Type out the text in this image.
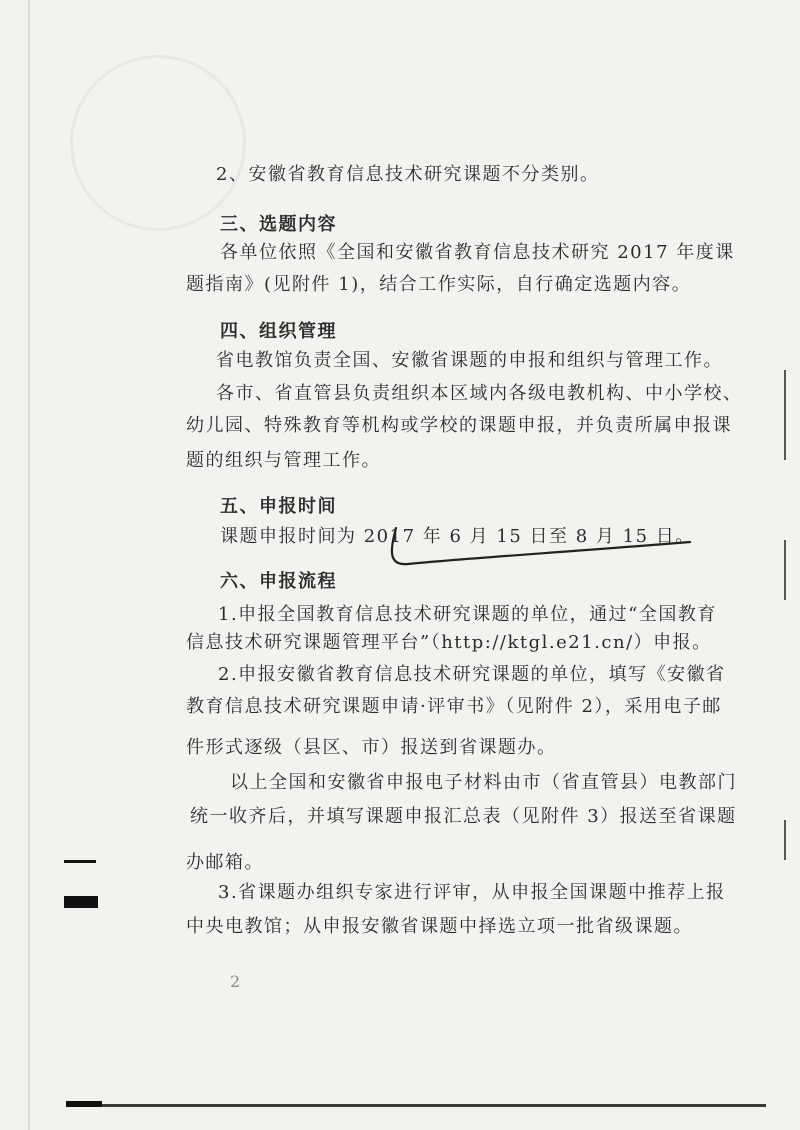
2、安徽省教育信息技术研究课题不分类别。
三、选题内容
各单位依照《全国和安徽省教育信息技术研究 2017 年度课
题指南》(见附件 1)，结合工作实际，自行确定选题内容。
四、组织管理
省电教馆负责全国、安徽省课题的申报和组织与管理工作。
各市、省直管县负责组织本区域内各级电教机构、中小学校、
幼儿园、特殊教育等机构或学校的课题申报，并负责所属申报课
题的组织与管理工作。
五、申报时间
课题申报时间为 2017 年 6 月 15 日至 8 月 15 日。
六、申报流程
1.申报全国教育信息技术研究课题的单位，通过“全国教育
信息技术研究课题管理平台”（http://ktgl.e21.cn/）申报。
2.申报安徽省教育信息技术研究课题的单位，填写《安徽省
教育信息技术研究课题申请·评审书》（见附件 2），采用电子邮
件形式逐级（县区、市）报送到省课题办。
以上全国和安徽省申报电子材料由市（省直管县）电教部门
统一收齐后，并填写课题申报汇总表（见附件 3）报送至省课题
办邮箱。
3.省课题办组织专家进行评审，从申报全国课题中推荐上报
中央电教馆；从申报安徽省课题中择选立项一批省级课题。
2
